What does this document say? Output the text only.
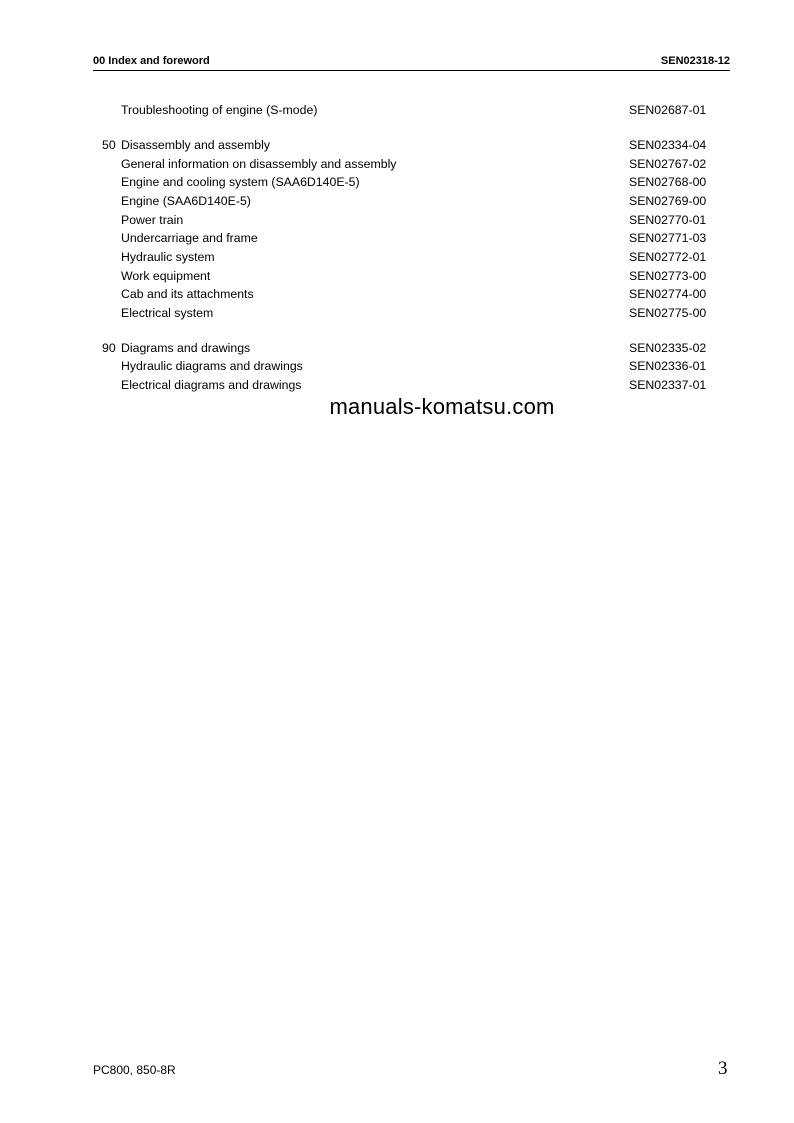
00 Index and foreword	SEN02318-12
Troubleshooting of engine (S-mode)	SEN02687-01
50 Disassembly and assembly	SEN02334-04
General information on disassembly and assembly	SEN02767-02
Engine and cooling system (SAA6D140E-5)	SEN02768-00
Engine (SAA6D140E-5)	SEN02769-00
Power train	SEN02770-01
Undercarriage and frame	SEN02771-03
Hydraulic system	SEN02772-01
Work equipment	SEN02773-00
Cab and its attachments	SEN02774-00
Electrical system	SEN02775-00
90 Diagrams and drawings	SEN02335-02
Hydraulic diagrams and drawings	SEN02336-01
Electrical diagrams and drawings	SEN02337-01
manuals-komatsu.com
PC800, 850-8R	3
